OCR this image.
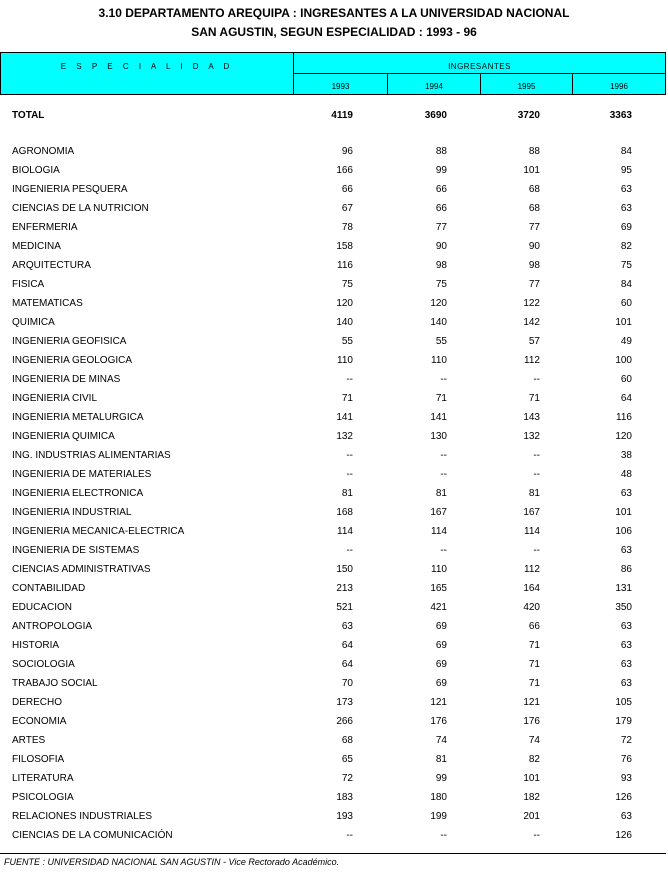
3.10 DEPARTAMENTO AREQUIPA : INGRESANTES A LA UNIVERSIDAD NACIONAL
SAN AGUSTIN, SEGUN ESPECIALIDAD : 1993 - 96
E S P E C I A L I D A D	INGRESANTES
1993	1994	1995	1996
TOTAL	4119	3690	3720	3363
AGRONOMIA	96	88	88	84
BIOLOGIA	166	99	101	95
INGENIERIA PESQUERA	66	66	68	63
CIENCIAS DE LA NUTRICION	67	66	68	63
ENFERMERIA	78	77	77	69
MEDICINA	158	90	90	82
ARQUITECTURA	116	98	98	75
FISICA	75	75	77	84
MATEMATICAS	120	120	122	60
QUIMICA	140	140	142	101
INGENIERIA GEOFISICA	55	55	57	49
INGENIERIA GEOLOGICA	110	110	112	100
INGENIERIA DE MINAS	--	--	--	60
INGENIERIA CIVIL	71	71	71	64
INGENIERIA METALURGICA	141	141	143	116
INGENIERIA QUIMICA	132	130	132	120
ING. INDUSTRIAS ALIMENTARIAS	--	--	--	38
INGENIERIA DE MATERIALES	--	--	--	48
INGENIERIA ELECTRONICA	81	81	81	63
INGENIERIA INDUSTRIAL	168	167	167	101
INGENIERIA MECANICA-ELECTRICA	114	114	114	106
INGENIERIA DE SISTEMAS	--	--	--	63
CIENCIAS ADMINISTRATIVAS	150	110	112	86
CONTABILIDAD	213	165	164	131
EDUCACION	521	421	420	350
ANTROPOLOGIA	63	69	66	63
HISTORIA	64	69	71	63
SOCIOLOGIA	64	69	71	63
TRABAJO SOCIAL	70	69	71	63
DERECHO	173	121	121	105
ECONOMIA	266	176	176	179
ARTES	68	74	74	72
FILOSOFIA	65	81	82	76
LITERATURA	72	99	101	93
PSICOLOGIA	183	180	182	126
RELACIONES INDUSTRIALES	193	199	201	63
CIENCIAS DE LA COMUNICACIÓN	--	--	--	126
FUENTE : UNIVERSIDAD NACIONAL SAN AGUSTIN - Vice Rectorado Académico.
